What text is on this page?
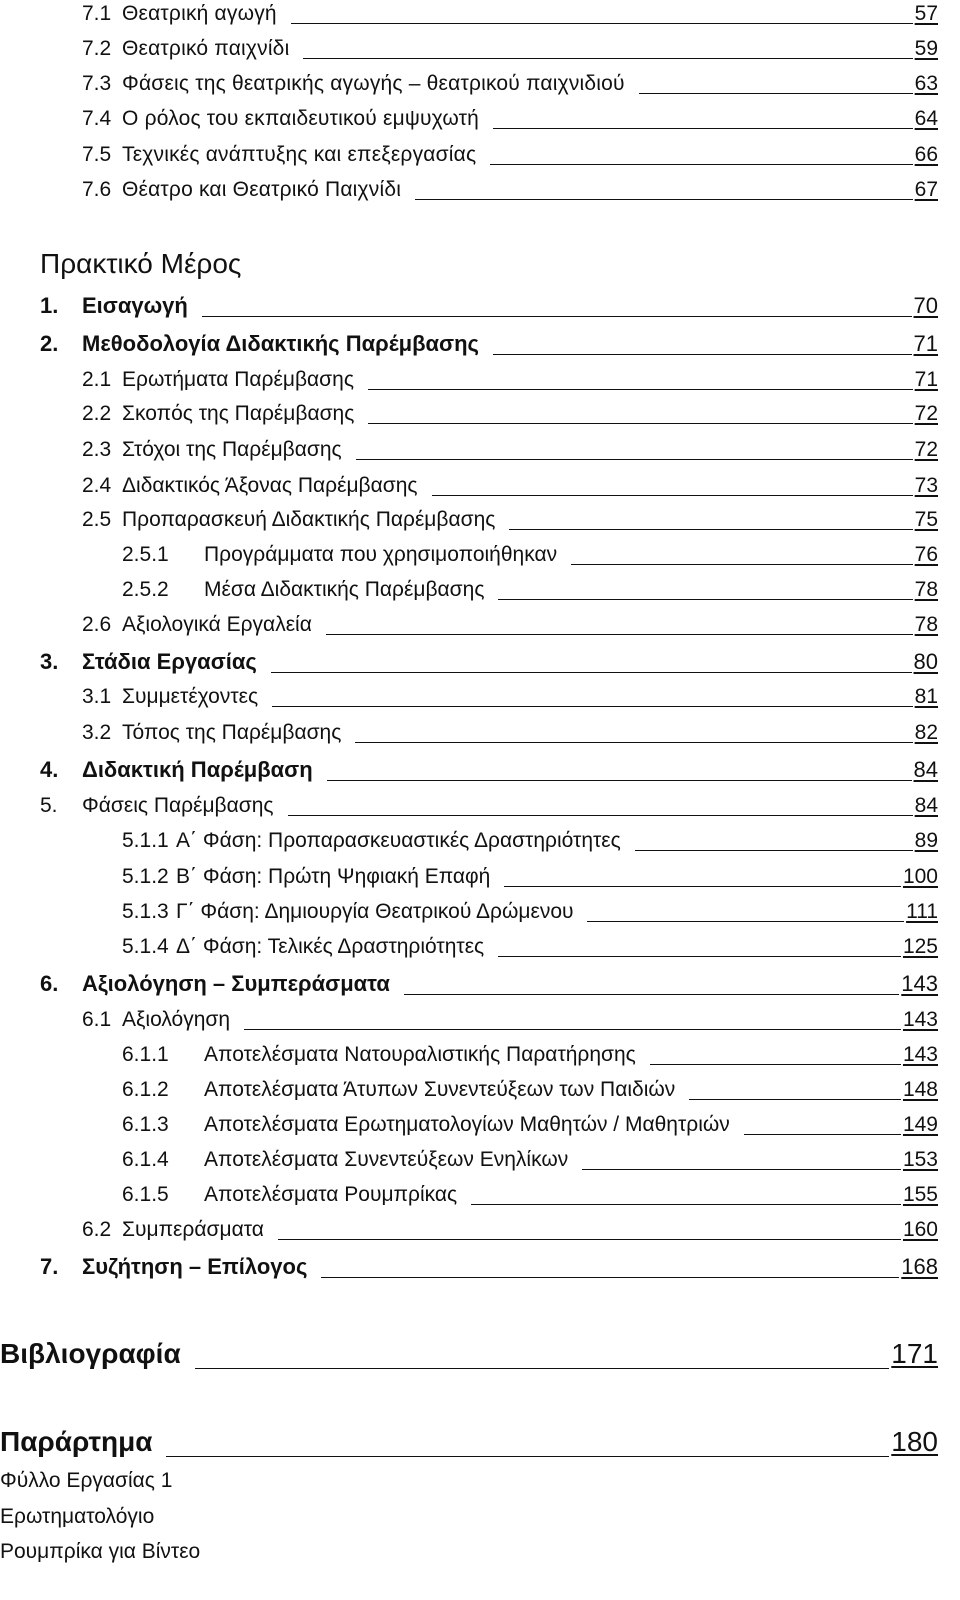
7.1 Θεατρική αγωγή	57
7.2 Θεατρικό παιχνίδι	59
7.3 Φάσεις της θεατρικής αγωγής – θεατρικού παιχνιδιού	63
7.4 Ο ρόλος του εκπαιδευτικού εμψυχωτή	64
7.5 Τεχνικές ανάπτυξης και επεξεργασίας	66
7.6 Θέατρο και Θεατρικό Παιχνίδι	67
Πρακτικό Μέρος
1.	Εισαγωγή	70
2.	Μεθοδολογία Διδακτικής Παρέμβασης	71
2.1 Ερωτήματα Παρέμβασης	71
2.2 Σκοπός της Παρέμβασης	72
2.3 Στόχοι της Παρέμβασης	72
2.4 Διδακτικός Άξονας Παρέμβασης	73
2.5 Προπαρασκευή Διδακτικής Παρέμβασης	75
2.5.1	Προγράμματα που χρησιμοποιήθηκαν	76
2.5.2	Μέσα Διδακτικής Παρέμβασης	78
2.6 Αξιολογικά Εργαλεία	78
3.	Στάδια Εργασίας	80
3.1 Συμμετέχοντες	81
3.2 Τόπος της Παρέμβασης	82
4.	Διδακτική Παρέμβαση	84
5.	Φάσεις Παρέμβασης	84
5.1.1 Α΄ Φάση: Προπαρασκευαστικές Δραστηριότητες	89
5.1.2 Β΄ Φάση: Πρώτη Ψηφιακή Επαφή	100
5.1.3 Γ΄ Φάση: Δημιουργία Θεατρικού Δρώμενου	111
5.1.4 Δ΄ Φάση: Τελικές Δραστηριότητες	125
6.	Αξιολόγηση – Συμπεράσματα	143
6.1 Αξιολόγηση	143
6.1.1	Αποτελέσματα Νατουραλιστικής Παρατήρησης	143
6.1.2	Αποτελέσματα Άτυπων Συνεντεύξεων των Παιδιών	148
6.1.3	Αποτελέσματα Ερωτηματολογίων Μαθητών / Μαθητριών	149
6.1.4	Αποτελέσματα Συνεντεύξεων Ενηλίκων	153
6.1.5	Αποτελέσματα Ρουμπρίκας	155
6.2 Συμπεράσματα	160
7.	Συζήτηση – Επίλογος	168
Βιβλιογραφία	171
Παράρτημα	180
Φύλλο Εργασίας 1
Ερωτηματολόγιο
Ρουμπρίκα για Βίντεο
